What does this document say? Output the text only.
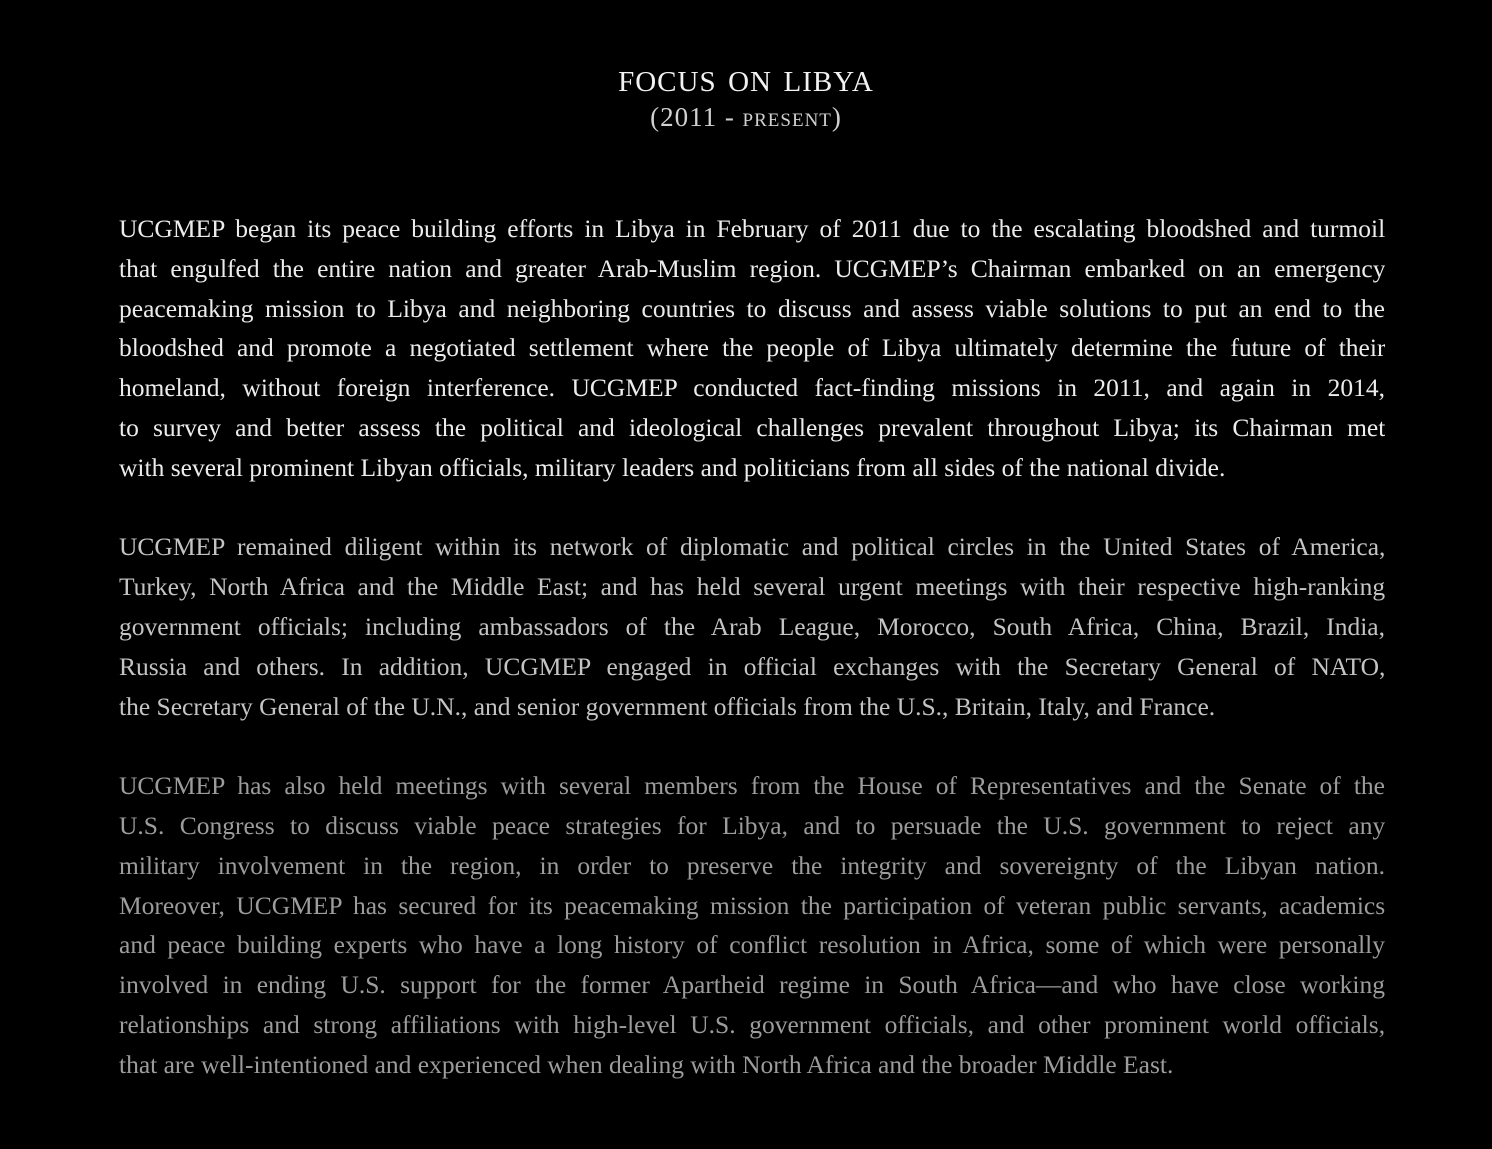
focus on libya
(2011 - present)
UCGMEP began its peace building efforts in Libya in February of 2011 due to the escalating bloodshed and turmoil
that engulfed the entire nation and greater Arab-Muslim region. UCGMEP’s Chairman embarked on an emergency
peacemaking mission to Libya and neighboring countries to discuss and assess viable solutions to put an end to the
bloodshed and promote a negotiated settlement where the people of Libya ultimately determine the future of their
homeland, without foreign interference. UCGMEP conducted fact-finding missions in 2011, and again in 2014,
to survey and better assess the political and ideological challenges prevalent throughout Libya; its Chairman met
with several prominent Libyan officials, military leaders and politicians from all sides of the national divide.
UCGMEP remained diligent within its network of diplomatic and political circles in the United States of America,
Turkey, North Africa and the Middle East; and has held several urgent meetings with their respective high-ranking
government officials; including ambassadors of the Arab League, Morocco, South Africa, China, Brazil, India,
Russia and others. In addition, UCGMEP engaged in official exchanges with the Secretary General of NATO,
the Secretary General of the U.N., and senior government officials from the U.S., Britain, Italy, and France.
UCGMEP has also held meetings with several members from the House of Representatives and the Senate of the
U.S. Congress to discuss viable peace strategies for Libya, and to persuade the U.S. government to reject any
military involvement in the region, in order to preserve the integrity and sovereignty of the Libyan nation.
Moreover, UCGMEP has secured for its peacemaking mission the participation of veteran public servants, academics
and peace building experts who have a long history of conflict resolution in Africa, some of which were personally
involved in ending U.S. support for the former Apartheid regime in South Africa—and who have close working
relationships and strong affiliations with high-level U.S. government officials, and other prominent world officials,
that are well-intentioned and experienced when dealing with North Africa and the broader Middle East.
